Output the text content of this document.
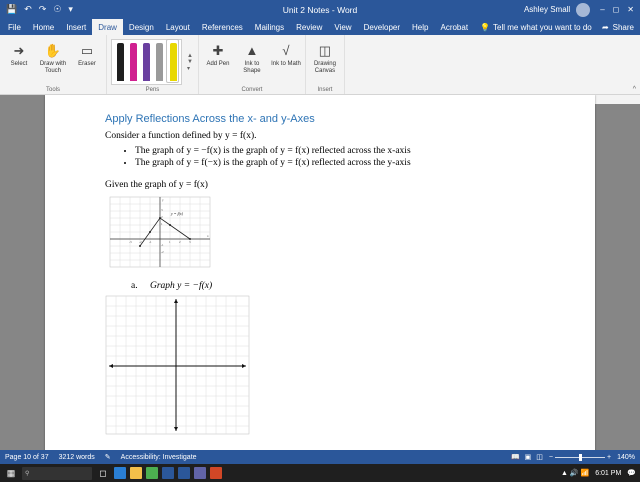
💾 ↶ ↷ ☉ ▾	Unit 2 Notes - Word	Ashley Small	– ◻ ✕
File	Home	Insert	Draw	Design	Layout	References	Mailings	Review	View	Developer	Help	Acrobat	💡 Tell me what you want to do ➦ Share
➜
Select
✋
Draw with Touch
▭
Eraser
Tools
▲
▼
▾
Pens
✚
Add Pen
▲
Ink to Shape
√
Ink to Math
Convert
◫
Drawing Canvas
Insert	^
Apply Reflections Across the x- and y-Axes

Consider a function defined by y = f(x).

• The graph of y = −f(x) is the graph of y = f(x) reflected across the x-axis
• The graph of y = f(−x) is the graph of y = f(x) reflected across the y-axis

Given the graph of y = f(x)

-3 -2 -1	1	2	3
3
2
1
-1
-2
x
y
y = f(x)

a. Graph y = −f(x)

Page 10 of 37 3212 words ✎ Accessibility: Investigate	📖 ▣ ◫ −	+ 140%
▦	⚲	◻	▲ 🔊 📶 6:01 PM 💬
